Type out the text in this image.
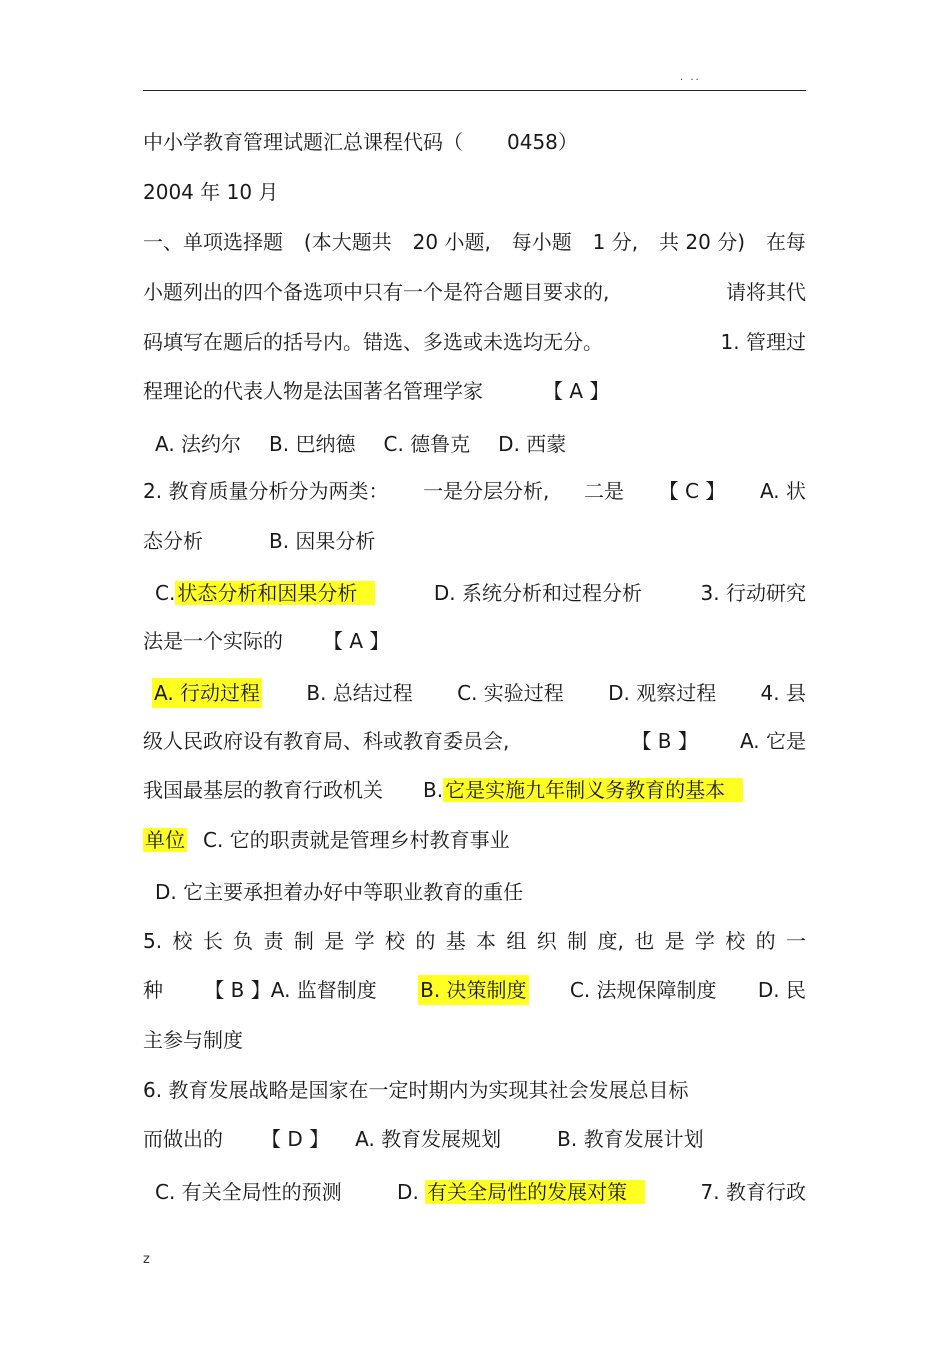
. ..
中小学教育管理试题汇总课程代码（ 0458）
2004 年 10 月
一、单项选择题 (本大题共 20 小题, 每小题 1 分, 共 20 分) 在每
小题列出的四个备选项中只有一个是符合题目要求的,	请将其代
码填写在题后的括号内。错选、多选或未选均无分。	1. 管理过
程理论的代表人物是法国著名管理学家	【 A 】
A. 法约尔 B. 巴纳德 C. 德鲁克 D. 西蒙
2. 教育质量分析分为两类： 一是分层分析, 二是 【 C 】 A. 状
态分析	B. 因果分析
C. 状态分析和因果分析	D. 系统分析和过程分析	3. 行动研究
法是一个实际的 【 A 】
A. 行动过程 B. 总结过程 C. 实验过程 D. 观察过程 4. 县
级人民政府设有教育局、科或教育委员会,	【 B 】 A. 它是
我国最基层的教育行政机关 B. 它是实施九年制义务教育的基本
单位 C. 它的职责就是管理乡村教育事业
D. 它主要承担着办好中等职业教育的重任
5. 校 长 负 责 制 是 学 校 的 基 本 组 织 制 度, 也 是 学 校 的 一
种 【 B 】A. 监督制度 B. 决策制度 C. 法规保障制度 D. 民
主参与制度
6. 教育发展战略是国家在一定时期内为实现其社会发展总目标
而做出的 【 D 】 A. 教育发展规划	B. 教育发展计划
C. 有关全局性的预测	D. 有关全局性的发展对策	7. 教育行政
z
